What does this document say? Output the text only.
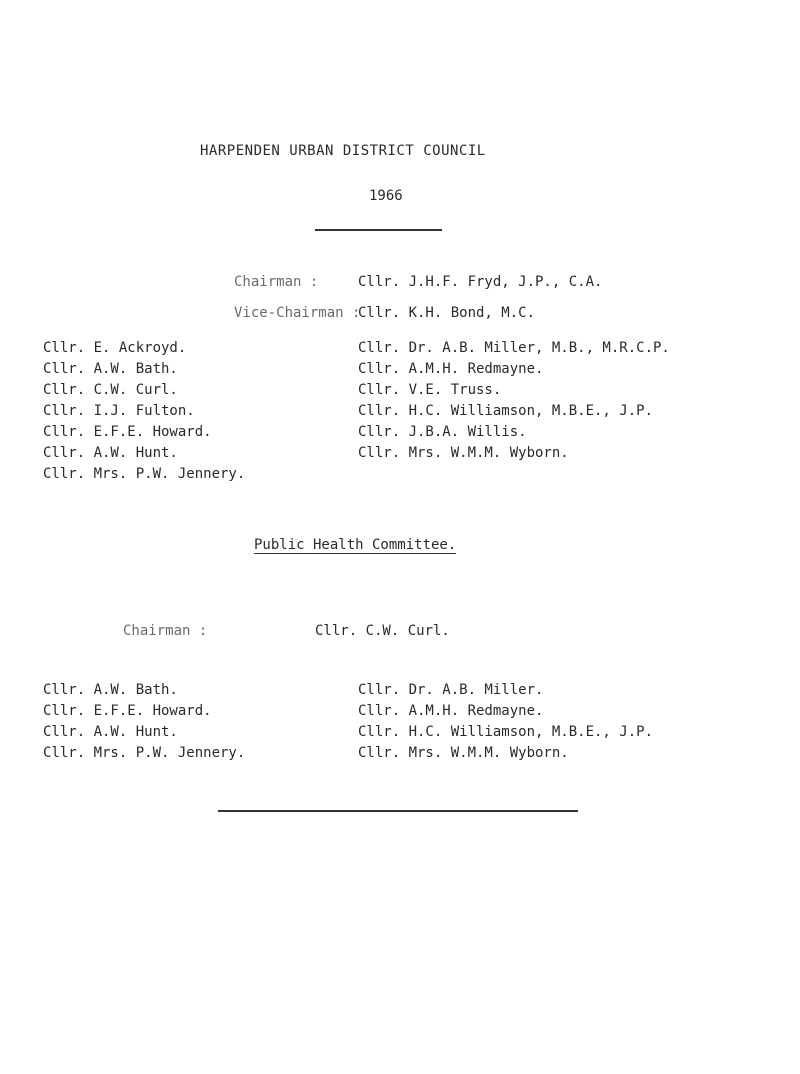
HARPENDEN URBAN DISTRICT COUNCIL
1966
Chairman :	Cllr. J.H.F. Fryd, J.P., C.A.
Vice-Chairman :
Cllr. K.H. Bond, M.C.
Cllr. E. Ackroyd.
Cllr. A.W. Bath.
Cllr. C.W. Curl.
Cllr. I.J. Fulton.
Cllr. E.F.E. Howard.
Cllr. A.W. Hunt.
Cllr. Mrs. P.W. Jennery.
Cllr. Dr. A.B. Miller, M.B., M.R.C.P.
Cllr. A.M.H. Redmayne.
Cllr. V.E. Truss.
Cllr. H.C. Williamson, M.B.E., J.P.
Cllr. J.B.A. Willis.
Cllr. Mrs. W.M.M. Wyborn.
Public Health Committee.
Chairman :	Cllr. C.W. Curl.
Cllr. A.W. Bath.
Cllr. E.F.E. Howard.
Cllr. A.W. Hunt.
Cllr. Mrs. P.W. Jennery.
Cllr. Dr. A.B. Miller.
Cllr. A.M.H. Redmayne.
Cllr. H.C. Williamson, M.B.E., J.P.
Cllr. Mrs. W.M.M. Wyborn.
